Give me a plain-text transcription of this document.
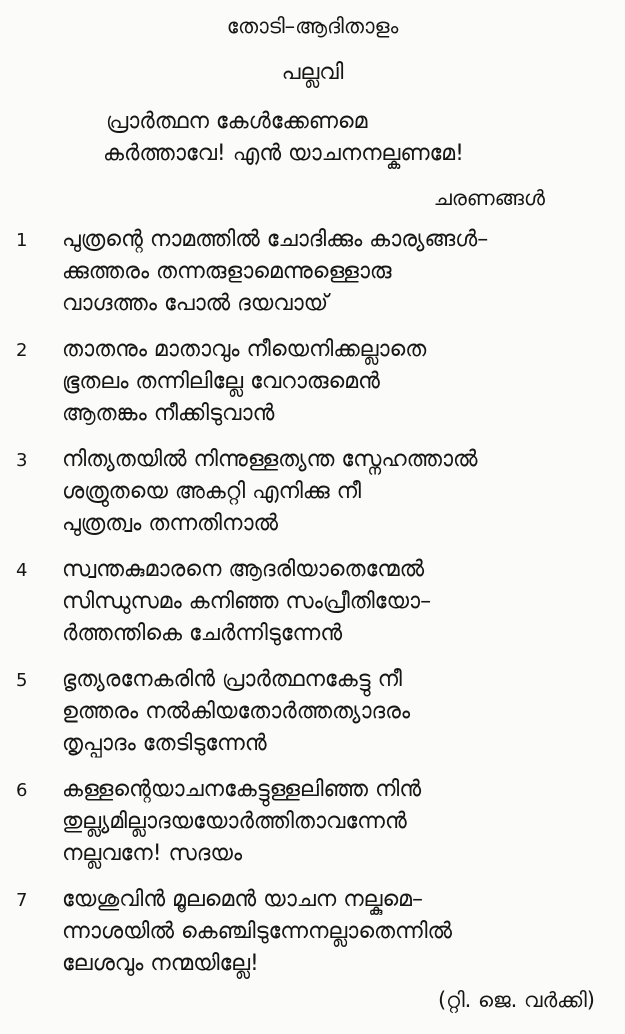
തോടി–ആദിതാളം
പല്ലവി
പ്രാർത്ഥന കേൾക്കേണമെ
കർത്താവേ! എൻ യാചനനല്കണമേ!
ചരണങ്ങൾ
1	പുത്രന്റെ നാമത്തിൽ ചോദിക്കും കാര്യങ്ങൾ–
ക്കുത്തരം തന്നരുളാമെന്നുള്ളൊരു
വാഗ്ദത്തം പോൽ ദയവായ്
2	താതനും മാതാവും നീയെനിക്കല്ലാതെ
ഭൂതലം തന്നിലില്ലേ വേറാരുമെൻ
ആതങ്കം നീക്കിടുവാൻ
3	നിത്യതയിൽ നിന്നുള്ളത്യന്ത സ്നേഹത്താൽ
ശത്രുതയെ അകറ്റി എനിക്കു നീ
പുത്രത്വം തന്നതിനാൽ
4	സ്വന്തകുമാരനെ ആദരിയാതെന്മേൽ
സിന്ധുസമം കനിഞ്ഞ സംപ്രീതിയോ–
ർത്തന്തികെ ചേർന്നിടുന്നേൻ
5	ഭൃത്യരനേകരിൻ പ്രാർത്ഥനകേട്ടു നീ
ഉത്തരം നൽകിയതോർത്തത്യാദരം
തൃപ്പാദം തേടിടുന്നേൻ
6	കള്ളന്റെയാചനകേട്ടുള്ളലിഞ്ഞ നിൻ
തുല്ല്യമില്ലാദയയോർത്തിതാവന്നേൻ
നല്ലവനേ! സദയം
7	യേശുവിൻ മൂലമെൻ യാചന നല്കുമെ–
ന്നാശയിൽ കെഞ്ചിടുന്നേനല്ലാതെന്നിൽ
ലേശവും നന്മയില്ലേ!
(റ്റി. ജെ. വർക്കി)
